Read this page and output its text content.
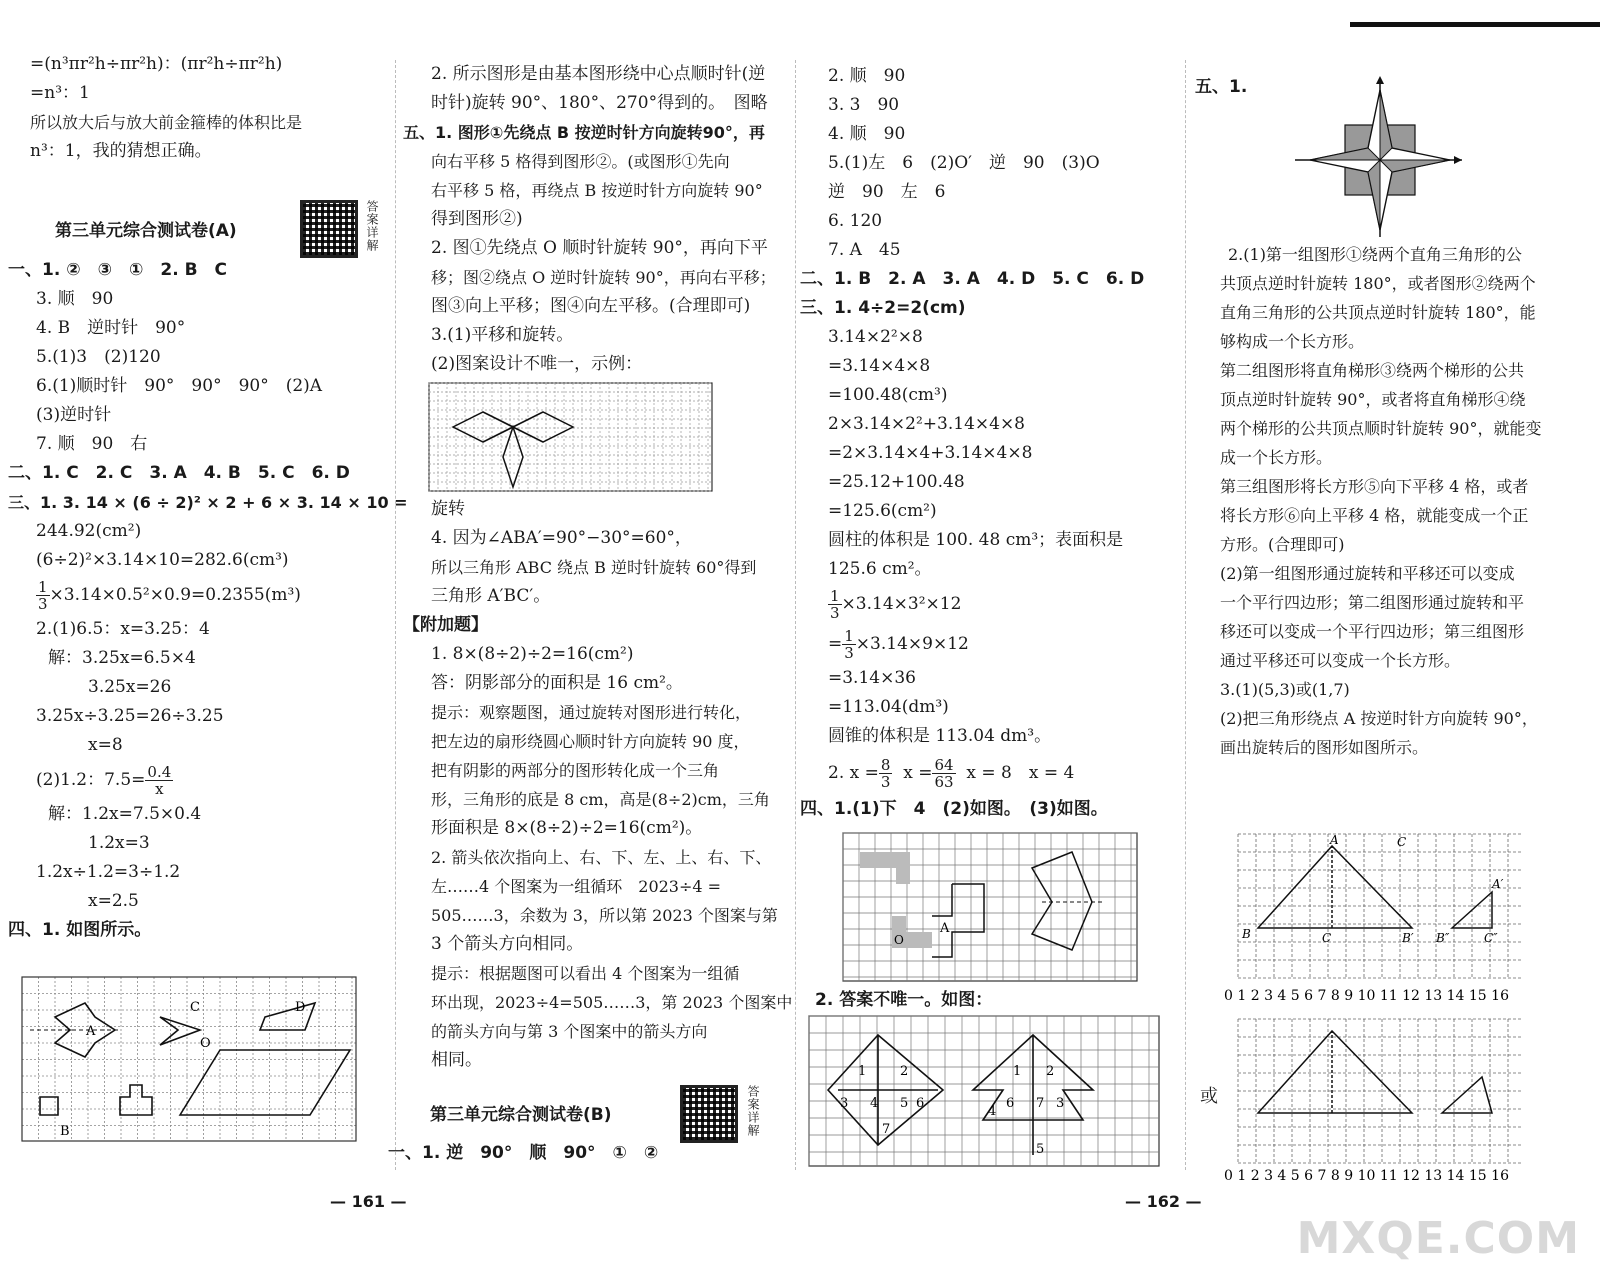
=(n³πr²h÷πr²h)：(πr²h÷πr²h)
=n³：1
所以放大后与放大前金箍棒的体积比是
n³：1，我的猜想正确。
第三单元综合测试卷(A)	答案详解
一、1. ②　③　①　2. B　C
3. 顺　90
4. B　逆时针　90°
5.(1)3　(2)120
6.(1)顺时针　90°　90°　90°　(2)A
(3)逆时针
7. 顺　90　右
二、1. C　2. C　3. A　4. B　5. C　6. D
三、1. 3. 14 × (6 ÷ 2)² × 2 + 6 × 3. 14 × 10 =
244.92(cm²)
(6÷2)²×3.14×10=282.6(cm³)
$\frac{1}{3} \times 3.14\times 0.5^2\times 0.9=0.2355(m^3)$
2.(1)6.5：x=3.25：4
解：3.25x=6.5×4
3.25x=26
3.25x÷3.25=26÷3.25
x=8
(2)1.2：$7.5= \frac{0.4}{x}$
解：1.2x=7.5×0.4
1.2x=3
1.2x÷1.2=3÷1.2
x=2.5
四、1. 如图所示。
A
C	D
O
B
— 161 —
2. 所示图形是由基本图形绕中心点顺时针(逆
时针)旋转 90°、180°、270°得到的。　图略
五、1. 图形①先绕点 B 按逆时针方向旋转90°，再
向右平移 5 格得到图形②。(或图形①先向
右平移 5 格，再绕点 B 按逆时针方向旋转 90°
得到图形②)
2. 图①先绕点 O 顺时针旋转 90°，再向下平
移；图②绕点 O 逆时针旋转 90°，再向右平移；
图③向上平移；图④向左平移。(合理即可)
3.(1)平移和旋转。
(2)图案设计不唯一，示例：
旋转
4. 因为∠ABA′=90°−30°=60°，
所以三角形 ABC 绕点 B 逆时针旋转 60°得到
三角形 A′BC′。
【附加题】
1. 8×(8÷2)÷2=16(cm²)
答：阴影部分的面积是 16 cm²。
提示：观察题图，通过旋转对图形进行转化，
把左边的扇形绕圆心顺时针方向旋转 90 度，
把有阴影的两部分的图形转化成一个三角
形，三角形的底是 8 cm，高是(8÷2)cm，三角
形面积是 8×(8÷2)÷2=16(cm²)。
2. 箭头依次指向上、右、下、左、上、右、下、
左……4 个图案为一组循环　2023÷4 =
505……3，余数为 3，所以第 2023 个图案与第
3 个箭头方向相同。
提示：根据题图可以看出 4 个图案为一组循
环出现，2023÷4=505……3，第 2023 个图案中
的箭头方向与第 3 个图案中的箭头方向
相同。
第三单元综合测试卷(B)	答案详解
一、1. 逆　90°　顺　90°　①　②
2. 顺　90
3. 3　90
4. 顺　90
5.(1)左　6　(2)O′　逆　90　(3)O
逆　90　左　6
6. 120
7. A　45
二、1. B　2. A　3. A　4. D　5. C　6. D
三、1. 4÷2=2(cm)
3.14×2²×8
=3.14×4×8
=100.48(cm³)
2×3.14×2²+3.14×4×8
=2×3.14×4+3.14×4×8
=25.12+100.48
=125.6(cm²)
圆柱的体积是 100. 48 cm³；表面积是
125.6 cm²。
$\frac{1}{3} \times 3.14\times 3^2\times 12$
= $\frac{1}{3} \times 3.14\times 9\times 12$
=3.14×36
=113.04(dm³)
圆锥的体积是 113.04 dm³。
2. $x = \frac{8}{3}$ $x = \frac{64}{63}$ x = 8　x = 4
四、1.(1)下　4　(2)如图。　(3)如图。
A
O
2. 答案不唯一。如图：
1	2
3 4 5 6
7
1 2
3
4
5
6 7
— 162 —
五、1.
2.(1)第一组图形①绕两个直角三角形的公
共顶点逆时针旋转 180°，或者图形②绕两个
直角三角形的公共顶点逆时针旋转 180°，能
够构成一个长方形。
第二组图形将直角梯形③绕两个梯形的公共
顶点逆时针旋转 90°，或者将直角梯形④绕
两个梯形的公共顶点顺时针旋转 90°，就能变
成一个长方形。
第三组图形将长方形⑤向下平移 4 格，或者
将长方形⑥向上平移 4 格，就能变成一个正
方形。(合理即可)
(2)第一组图形通过旋转和平移还可以变成
一个平行四边形；第二组图形通过旋转和平
移还可以变成一个平行四边形；第三组图形
通过平移还可以变成一个长方形。
3.(1)(5,3)或(1,7)
(2)把三角形绕点 A 按逆时针方向旋转 90°，
画出旋转后的图形如图所示。
0 1 2 3 4 5 6 7 8 9 10 11 12 13 14 15 16
A	C
A′
B	C	B′ B″	C″
或
0 1 2 3 4 5 6 7 8 9 10 11 12 13 14 15 16
MXQE.COM
